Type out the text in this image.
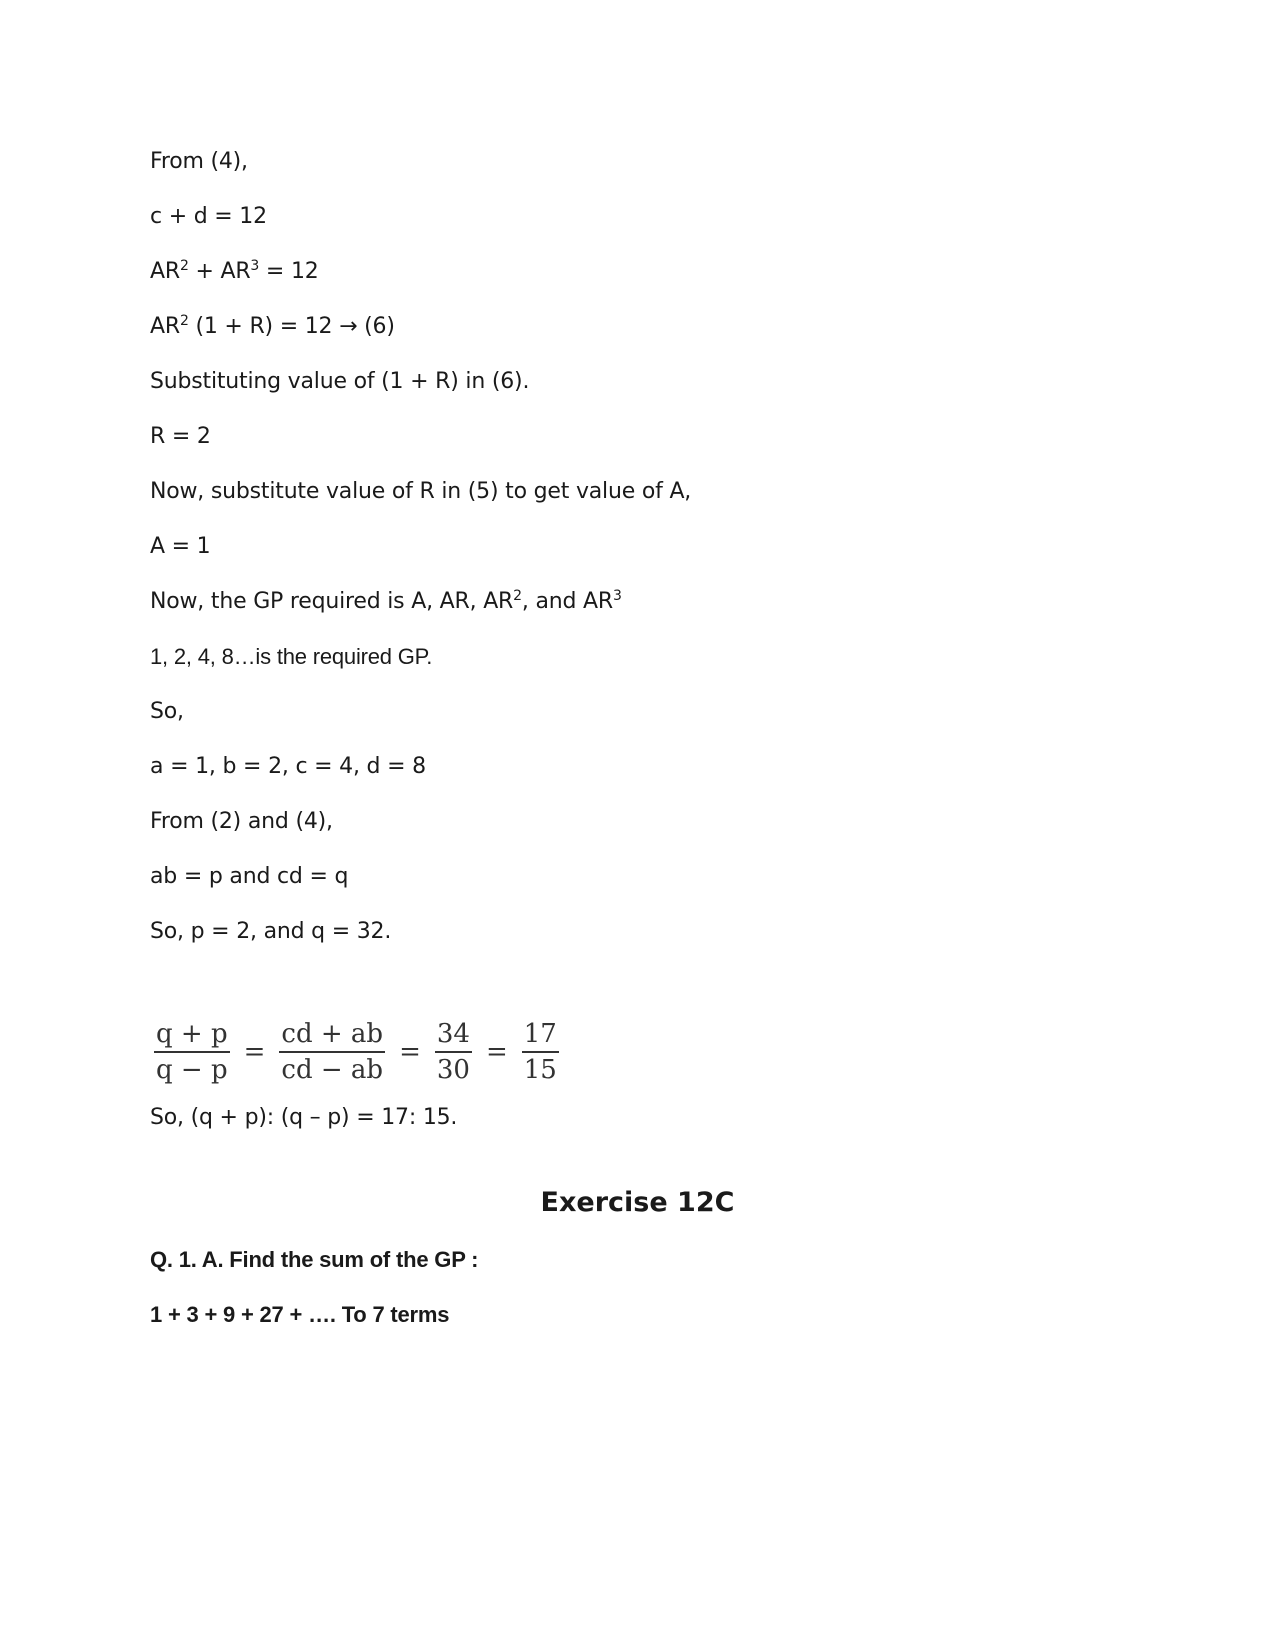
From (4),
c + d = 12
$AR^2 + AR^3 = 12$
$AR^2$ (1 + R) = 12 → (6)
Substituting value of (1 + R) in (6).
R = 2
Now, substitute value of R in (5) to get value of A,
A = 1
Now, the GP required is A, AR, $AR^2$, and $AR^3$
1, 2, 4, 8…is the required GP.
So,
a = 1, b = 2, c = 4, d = 8
From (2) and (4),
ab = p and cd = q
So, p = 2, and q = 32.
$\frac{q + p}{q - p} = \frac{cd + ab}{cd - ab} = \frac{34}{30} = \frac{17}{15}$
So, (q + p): (q – p) = 17: 15.
Exercise 12C
Q. 1. A. Find the sum of the GP :
1 + 3 + 9 + 27 + …. To 7 terms
